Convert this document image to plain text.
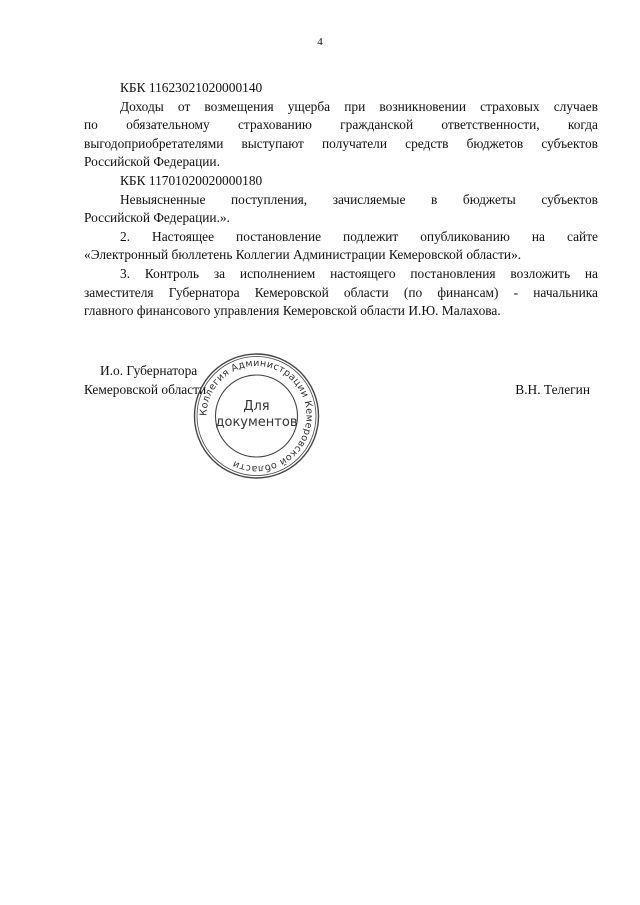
4

КБК 11623021020000140

Доходы от возмещения ущерба при возникновении страховых случаев

по обязательному страхованию гражданской ответственности, когда

выгодоприобретателями выступают получатели средств бюджетов субъектов

Российской Федерации.

КБК 11701020020000180

Невыясненные поступления, зачисляемые в бюджеты субъектов

Российской Федерации.».

2. Настоящее постановление подлежит опубликованию на сайте

«Электронный бюллетень Коллегии Администрации Кемеровской области».

3. Контроль за исполнением настоящего постановления возложить на

заместителя Губернатора Кемеровской области (по финансам) - начальника

главного финансового управления Кемеровской области И.Ю. Малахова.

И.о. Губернатора
Кемеровской области	В.Н. Телегин
Коллегия Администрации Кемеровской области
Для
документов
